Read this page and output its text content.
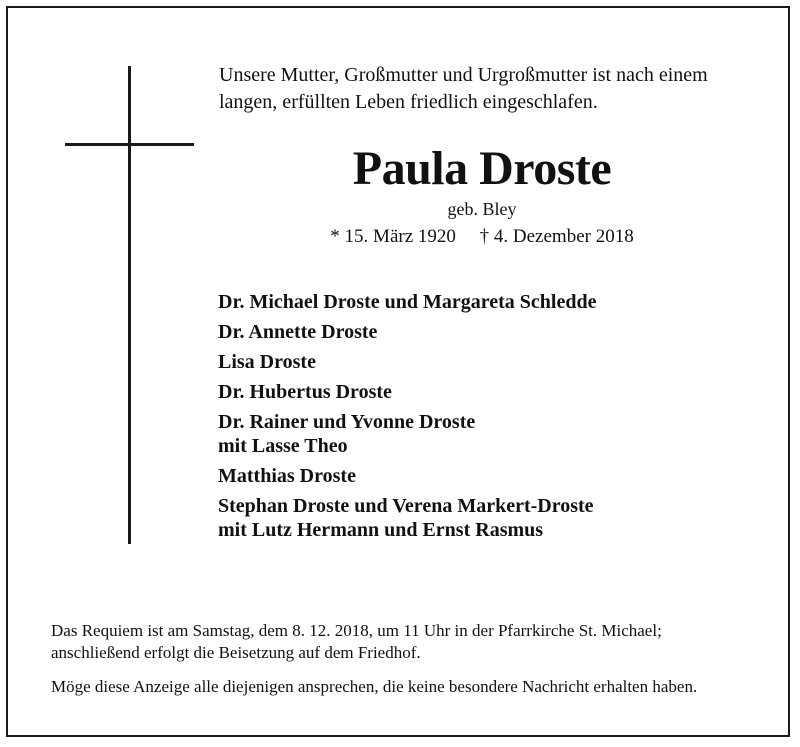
Unsere Mutter, Großmutter und Urgroßmutter ist nach einem
langen, erfüllten Leben friedlich eingeschlafen.
Paula Droste
geb. Bley
* 15. März 1920 † 4. Dezember 2018
Dr. Michael Droste und Margareta Schledde
Dr. Annette Droste
Lisa Droste
Dr. Hubertus Droste
Dr. Rainer und Yvonne Droste
mit Lasse Theo
Matthias Droste
Stephan Droste und Verena Markert-Droste
mit Lutz Hermann und Ernst Rasmus

Das Requiem ist am Samstag, dem 8. 12. 2018, um 11 Uhr in der Pfarrkirche St. Michael;

anschließend erfolgt die Beisetzung auf dem Friedhof.

Möge diese Anzeige alle diejenigen ansprechen, die keine besondere Nachricht erhalten haben.
